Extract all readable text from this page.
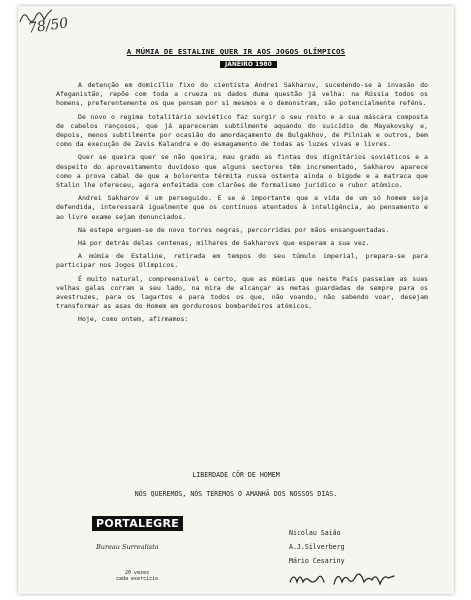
78/50
A MÚMIA DE ESTALINE QUER IR AOS JOGOS OLÍMPICOS
JANEIRO 1980

A detenção em domicílio fixo do cientista Andrei Sakharov, sucedendo-se à invasão do Afeganistão, repõe com toda a crueza os dados duma questão já velha: na Rússia todos os homens, preferentemente os que pensam por si mesmos e o demonstram, são potencialmente reféns.

De novo o regime totalitário soviético faz surgir o seu rosto e a sua máscara composta de cabelos rançosos, que já apareceram subtilmente aquando do suicídio de Mayakovsky e, depois, menos subtilmente por ocasião do amordaçamento de Bulgakhov, de Pilniak e outros, bem como da execução de Zavis Kalandra e do esmagamento de todas as luzes vivas e livres.

Quer se queira quer se não queira, mau grado as fintas dos dignitários soviéticos e a despeito do aproveitamento duvidoso que alguns sectores têm incrementado, Sakharov aparece como a prova cabal de que a bolorenta térmita russa ostenta ainda o bigode e a matraca que Stalin lhe ofereceu, agora enfeitada com clarões de formalismo jurídico e rubor atómico.

Andrei Sakharov é um perseguido. E se é importante que a vida de um só homem seja defendida, interessará igualmente que os contínuos atentados à inteligência, ao pensamento e ao livre exame sejam denunciados.

Na estepe erguem-se de novo torres negras, percorridas por mãos ensanguentadas.

Há por detrás delas centenas, milhares de Sakharovs que esperam a sua vez.

A múmia de Estaline, retirada em tempos do seu túmulo imperial, prepara-se para participar nos Jogos Olímpicos.

É muito natural, compreensível e certo, que as múmias que neste País passeiam as suas velhas galas corram a seu lado, na mira de alcançar as metas guardadas de sempre para os avestruzes, para os lagartos e para todos os que, não voando, não sabendo voar, desejam transformar as asas do Homem em gordurosos bombardeiros atómicos.

Hoje, como ontem, afirmamos:

LIBERDADE CÔR DE HOMEM
NÓS QUEREMOS, NÓS TEREMOS O AMANHÃ DOS NOSSOS DIAS.
PORTALEGRE
Bureau Surrealista
20 vezes
cada exercício
Nicolau Saião
A.J.Silverberg
Mário Cesariny
